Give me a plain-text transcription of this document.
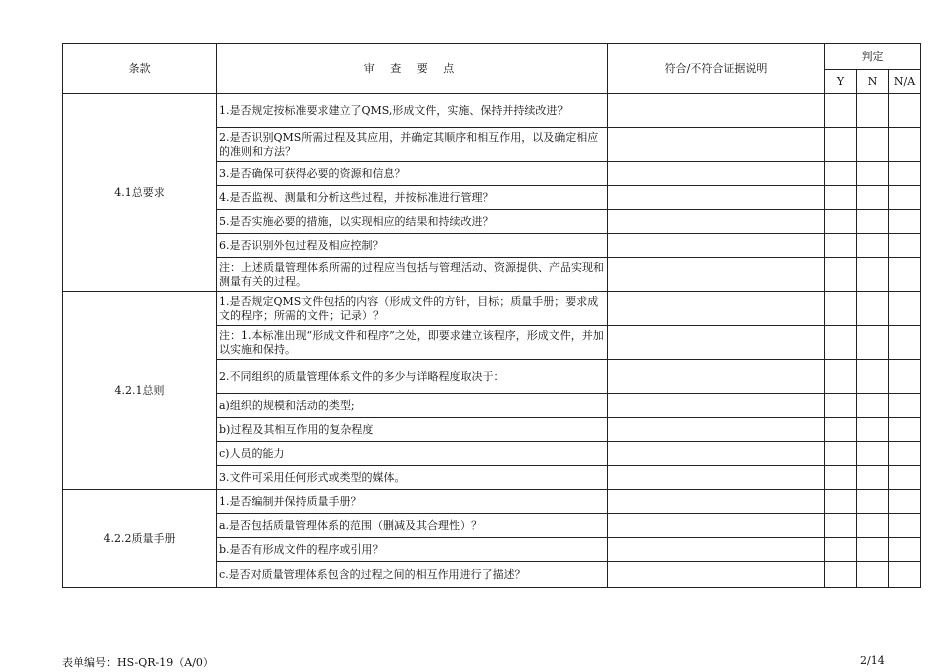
条款	审 查 要 点	符合/不符合证据说明	判定		
			Y	N	N/A
4.1总要求	1.是否规定按标准要求建立了QMS,形成文件，实施、保持并持续改进？				
	2.是否识别QMS所需过程及其应用，并确定其顺序和相互作用，以及确定相应的准则和方法？				
	3.是否确保可获得必要的资源和信息？				
	4.是否监视、测量和分析这些过程，并按标准进行管理？				
	5.是否实施必要的措施，以实现相应的结果和持续改进？				
	6.是否识别外包过程及相应控制？				
	注：上述质量管理体系所需的过程应当包括与管理活动、资源提供、产品实现和测量有关的过程。				
4.2.1总则	1.是否规定QMS文件包括的内容（形成文件的方针，目标；质量手册；要求成文的程序；所需的文件；记录）？				
	注：1.本标准出现“形成文件和程序”之处，即要求建立该程序，形成文件，并加以实施和保持。				
	2.不同组织的质量管理体系文件的多少与详略程度取决于：				
	a)组织的规模和活动的类型;				
	b)过程及其相互作用的复杂程度				
	c)人员的能力				
	3.文件可采用任何形式或类型的媒体。				
4.2.2质量手册	1.是否编制并保持质量手册？				
	a.是否包括质量管理体系的范围（删减及其合理性）？				
	b.是否有形成文件的程序或引用？				
	c.是否对质量管理体系包含的过程之间的相互作用进行了描述？				
表单编号：HS-QR-19（A/0）	2/14
